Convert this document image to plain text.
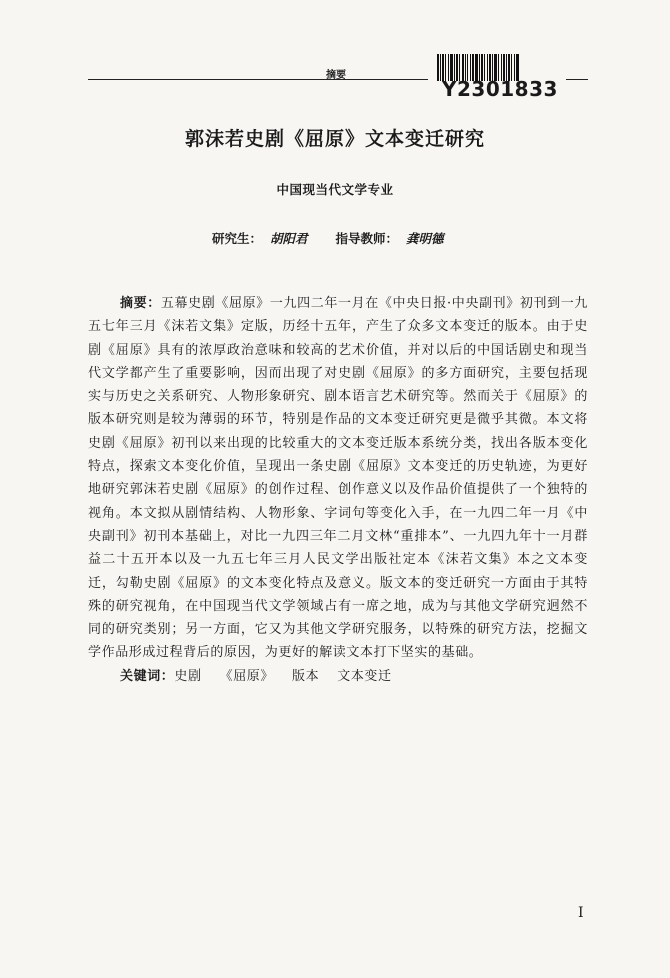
摘要
Y2301833
郭沫若史剧《屈原》文本变迁研究
中国现当代文学专业
研究生： 胡阳君 指导教师： 龚明德

摘要：五幕史剧《屈原》一九四二年一月在《中央日报·中央副刊》初刊到一九五七年三月《沫若文集》定版，历经十五年，产生了众多文本变迁的版本。由于史剧《屈原》具有的浓厚政治意味和较高的艺术价值，并对以后的中国话剧史和现当代文学都产生了重要影响，因而出现了对史剧《屈原》的多方面研究，主要包括现实与历史之关系研究、人物形象研究、剧本语言艺术研究等。然而关于《屈原》的版本研究则是较为薄弱的环节，特别是作品的文本变迁研究更是微乎其微。本文将史剧《屈原》初刊以来出现的比较重大的文本变迁版本系统分类，找出各版本变化特点，探索文本变化价值，呈现出一条史剧《屈原》文本变迁的历史轨迹，为更好地研究郭沫若史剧《屈原》的创作过程、创作意义以及作品价值提供了一个独特的视角。本文拟从剧情结构、人物形象、字词句等变化入手，在一九四二年一月《中央副刊》初刊本基础上，对比一九四三年二月文林“重排本”、一九四九年十一月群益二十五开本以及一九五七年三月人民文学出版社定本《沫若文集》本之文本变迁，勾勒史剧《屈原》的文本变化特点及意义。版文本的变迁研究一方面由于其特殊的研究视角，在中国现当代文学领域占有一席之地，成为与其他文学研究迥然不同的研究类别；另一方面，它又为其他文学研究服务，以特殊的研究方法，挖掘文学作品形成过程背后的原因，为更好的解读文本打下坚实的基础。

关键词：史剧 《屈原》 版本 文本变迁

I
